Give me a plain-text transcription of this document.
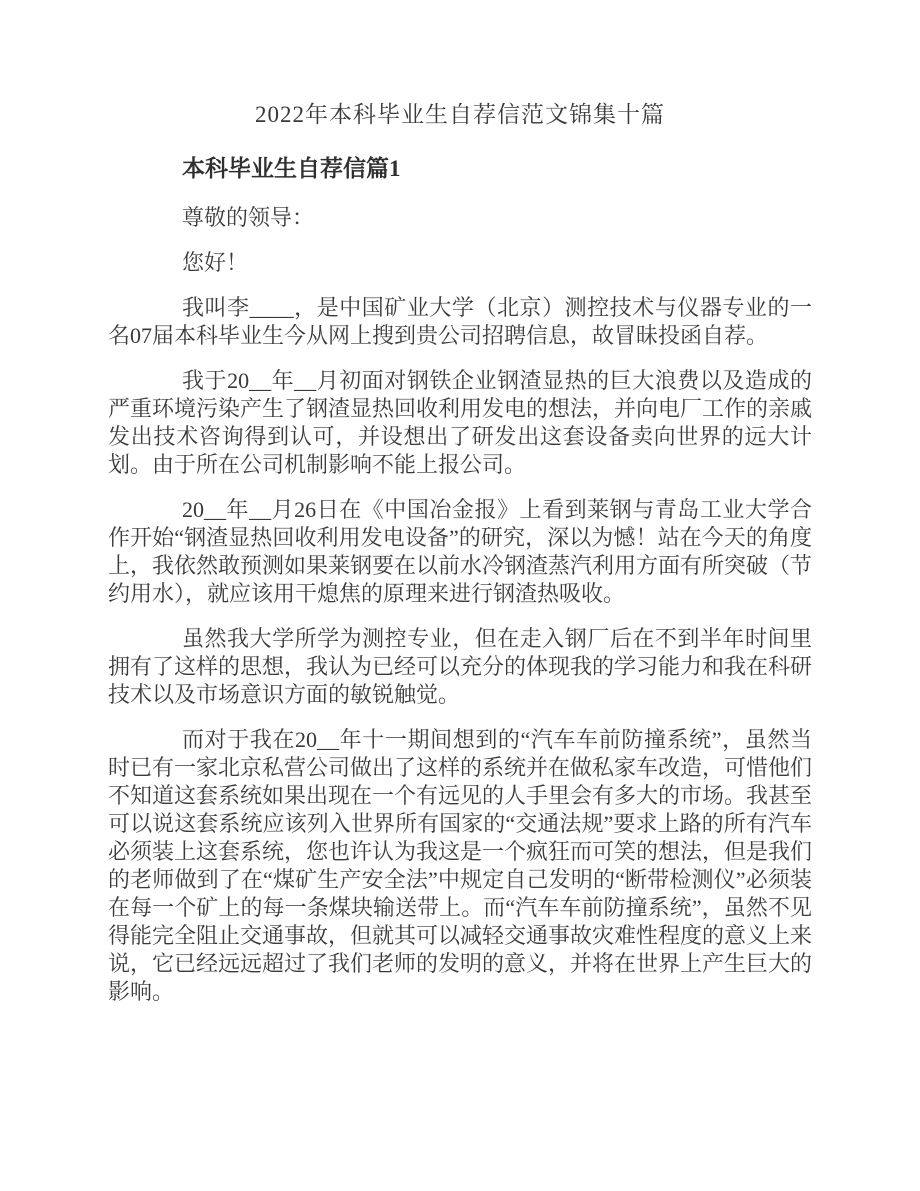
2022年本科毕业生自荐信范文锦集十篇
本科毕业生自荐信篇1

尊敬的领导：

您好！

我叫李____，是中国矿业大学（北京）测控技术与仪器专业的一名07届本科毕业生今从网上搜到贵公司招聘信息，故冒昧投函自荐。

我于20__年__月初面对钢铁企业钢渣显热的巨大浪费以及造成的严重环境污染产生了钢渣显热回收利用发电的想法，并向电厂工作的亲戚发出技术咨询得到认可，并设想出了研发出这套设备卖向世界的远大计划。由于所在公司机制影响不能上报公司。

20__年__月26日在《中国冶金报》上看到莱钢与青岛工业大学合作开始“钢渣显热回收利用发电设备”的研究，深以为憾！站在今天的角度上，我依然敢预测如果莱钢要在以前水冷钢渣蒸汽利用方面有所突破（节约用水），就应该用干熄焦的原理来进行钢渣热吸收。

虽然我大学所学为测控专业，但在走入钢厂后在不到半年时间里拥有了这样的思想，我认为已经可以充分的体现我的学习能力和我在科研技术以及市场意识方面的敏锐触觉。

而对于我在20__年十一期间想到的“汽车车前防撞系统”，虽然当时已有一家北京私营公司做出了这样的系统并在做私家车改造，可惜他们不知道这套系统如果出现在一个有远见的人手里会有多大的市场。我甚至可以说这套系统应该列入世界所有国家的“交通法规”要求上路的所有汽车必须装上这套系统，您也许认为我这是一个疯狂而可笑的想法，但是我们的老师做到了在“煤矿生产安全法”中规定自己发明的“断带检测仪”必须装在每一个矿上的每一条煤块输送带上。而“汽车车前防撞系统”，虽然不见得能完全阻止交通事故，但就其可以减轻交通事故灾难性程度的意义上来说，它已经远远超过了我们老师的发明的意义，并将在世界上产生巨大的影响。
